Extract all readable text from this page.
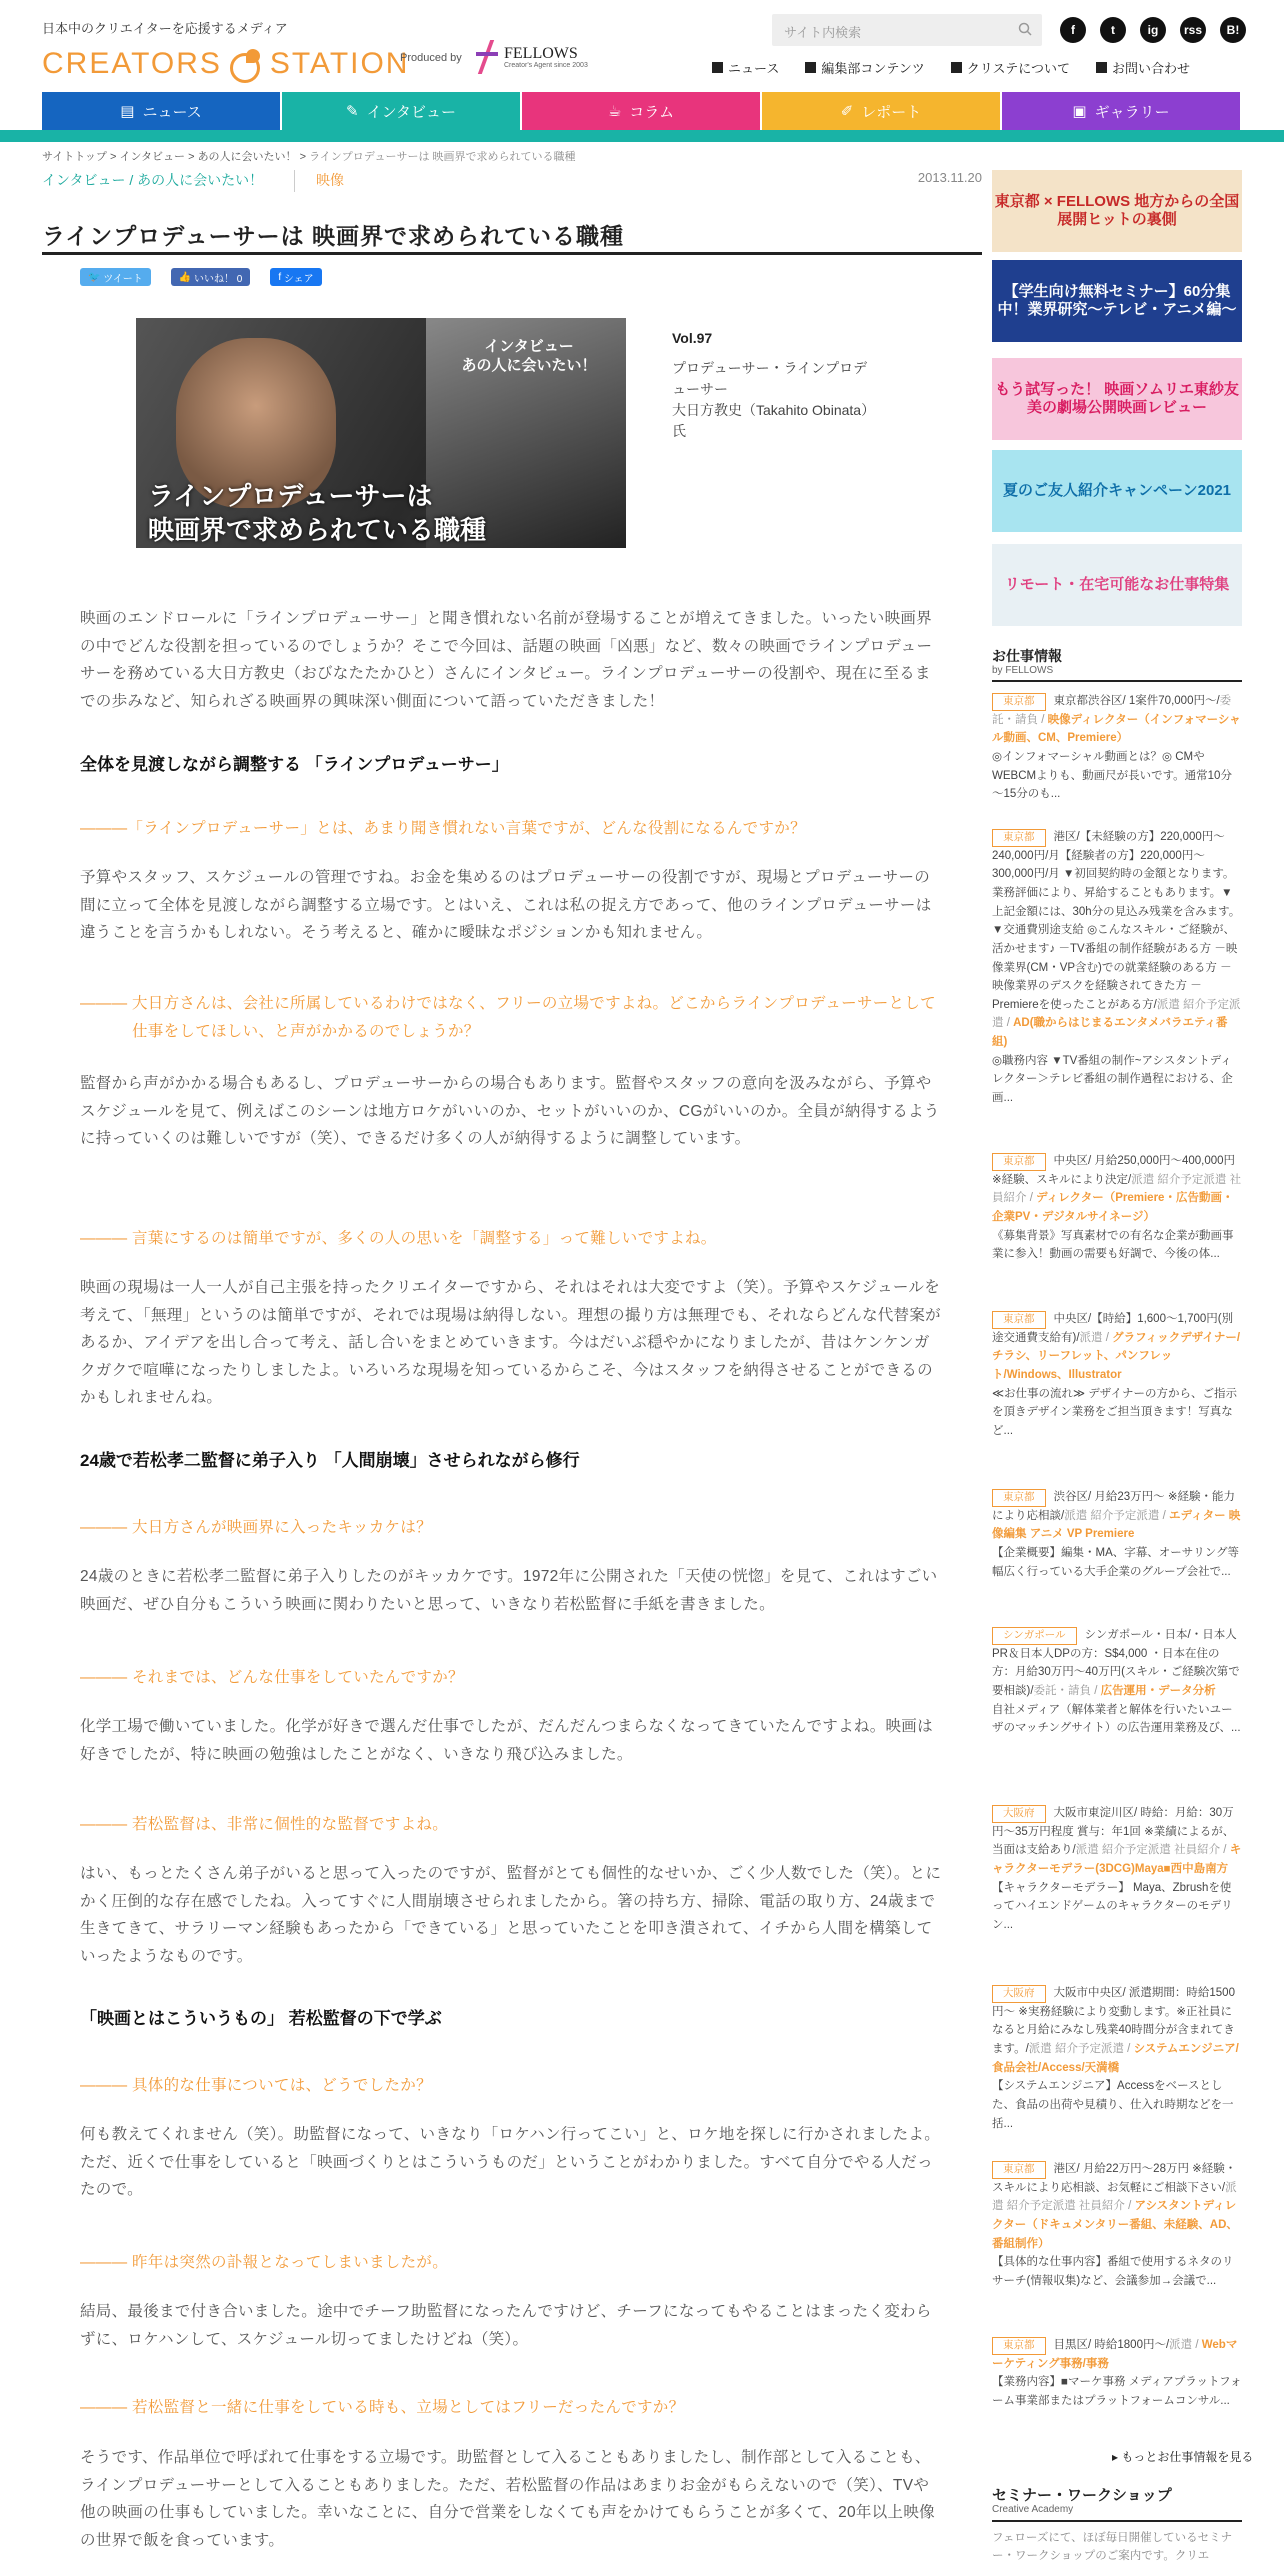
日本中のクリエイターを応援するメディア
CREATORS STATION
Produced by	FELLOWS
Creator's Agent since 2003
サイト内検索	f	t	ig	rss	B!
ニュース	編集部コンテンツ	クリステについて	お問い合わせ
▤ ニュース	✎ インタビュー	☕ コラム	✐ レポート	▣ ギャラリー
サイトトップ > インタビュー > あの人に会いたい！ > ラインプロデューサーは 映画界で求められている職種
インタビュー / あの人に会いたい！	映像	2013.11.20
ラインプロデューサーは 映画界で求められている職種
🐦 ツイート	👍 いいね！ 0	f シェア
インタビュー
あの人に会いたい！
ラインプロデューサーは
映画界で求められている職種
Vol.97
プロデューサー・ラインプロデューサー
大日方教史（Takahito Obinata）氏

映画のエンドロールに「ラインプロデューサー」と聞き慣れない名前が登場することが増えてきました。いったい映画界の中でどんな役割を担っているのでしょうか？そこで今回は、話題の映画「凶悪」など、数々の映画でラインプロデューサーを務めている大日方教史（おびなたたかひと）さんにインタビュー。ラインプロデューサーの役割や、現在に至るまでの歩みなど、知られざる映画界の興味深い側面について語っていただきました！

全体を見渡しながら調整する 「ラインプロデューサー」

―――「ラインプロデューサー」とは、あまり聞き慣れない言葉ですが、どんな役割になるんですか？

予算やスタッフ、スケジュールの管理ですね。お金を集めるのはプロデューサーの役割ですが、現場とプロデューサーの間に立って全体を見渡しながら調整する立場です。とはいえ、これは私の捉え方であって、他のラインプロデューサーは違うことを言うかもしれない。そう考えると、確かに曖昧なポジションかも知れません。

――― 大日方さんは、会社に所属しているわけではなく、フリーの立場ですよね。どこからラインプロデューサーとして仕事をしてほしい、と声がかかるのでしょうか？

監督から声がかかる場合もあるし、プロデューサーからの場合もあります。監督やスタッフの意向を汲みながら、予算やスケジュールを見て、例えばこのシーンは地方ロケがいいのか、セットがいいのか、CGがいいのか。全員が納得するように持っていくのは難しいですが（笑）、できるだけ多くの人が納得するように調整しています。

――― 言葉にするのは簡単ですが、多くの人の思いを「調整する」って難しいですよね。

映画の現場は一人一人が自己主張を持ったクリエイターですから、それはそれは大変ですよ（笑）。予算やスケジュールを考えて、「無理」というのは簡単ですが、それでは現場は納得しない。理想の撮り方は無理でも、それならどんな代替案があるか、アイデアを出し合って考え、話し合いをまとめていきます。今はだいぶ穏やかになりましたが、昔はケンケンガクガクで喧嘩になったりしましたよ。いろいろな現場を知っているからこそ、今はスタッフを納得させることができるのかもしれませんね。

24歳で若松孝二監督に弟子入り 「人間崩壊」させられながら修行

――― 大日方さんが映画界に入ったキッカケは？

24歳のときに若松孝二監督に弟子入りしたのがキッカケです。1972年に公開された「天使の恍惚」を見て、これはすごい映画だ、ぜひ自分もこういう映画に関わりたいと思って、いきなり若松監督に手紙を書きました。

――― それまでは、どんな仕事をしていたんですか？

化学工場で働いていました。化学が好きで選んだ仕事でしたが、だんだんつまらなくなってきていたんですよね。映画は好きでしたが、特に映画の勉強はしたことがなく、いきなり飛び込みました。

――― 若松監督は、非常に個性的な監督ですよね。

はい、もっとたくさん弟子がいると思って入ったのですが、監督がとても個性的なせいか、ごく少人数でした（笑）。とにかく圧倒的な存在感でしたね。入ってすぐに人間崩壊させられましたから。箸の持ち方、掃除、電話の取り方、24歳まで生きてきて、サラリーマン経験もあったから「できている」と思っていたことを叩き潰されて、イチから人間を構築していったようなものです。

「映画とはこういうもの」 若松監督の下で学ぶ

――― 具体的な仕事については、どうでしたか？

何も教えてくれません（笑）。助監督になって、いきなり「ロケハン行ってこい」と、ロケ地を探しに行かされましたよ。ただ、近くで仕事をしていると「映画づくりとはこういうものだ」ということがわかりました。すべて自分でやる人だったので。

――― 昨年は突然の訃報となってしまいましたが。

結局、最後まで付き合いました。途中でチーフ助監督になったんですけど、チーフになってもやることはまったく変わらずに、ロケハンして、スケジュール切ってましたけどね（笑）。

――― 若松監督と一緒に仕事をしている時も、立場としてはフリーだったんですか？

そうです、作品単位で呼ばれて仕事をする立場です。助監督として入ることもありましたし、制作部として入ることも、ラインプロデューサーとして入ることもありました。ただ、若松監督の作品はあまりお金がもらえないので（笑）、TVや他の映画の仕事もしていました。幸いなことに、自分で営業をしなくても声をかけてもらうことが多くて、20年以上映像の世界で飯を食っています。

東京都 × FELLOWS 地方からの全国展開ヒットの裏側
【学生向け無料セミナー】60分集中！業界研究～テレビ・アニメ編～
もう試写った！ 映画ソムリエ東紗友美の劇場公開映画レビュー
夏のご友人紹介キャンペーン2021
リモート・在宅可能なお仕事特集
お仕事情報
by FELLOWS
東京都 東京都渋谷区/ 1案件70,000円～/委託・請負 / 映像ディレクター（インフォマーシャル動画、CM、Premiere）
◎インフォマーシャル動画とは？◎ CMやWEBCMよりも、動画尺が長いです。通常10分～15分のも...
東京都 港区/【未経験の方】220,000円～240,000円/月【経験者の方】220,000円～300,000円/月 ▼初回契約時の金額となります。業務評価により、昇給することもあります。▼上記金額には、30h分の見込み残業を含みます。▼交通費別途支給 ◎こんなスキル・ご経験が、活かせます♪ －TV番組の制作経験がある方 －映像業界(CM・VP含む)での就業経験のある方 －映像業界のデスクを経験されてきた方 －Premiereを使ったことがある方/派遣 紹介予定派遣 / AD(職からはじまるエンタメバラエティ番組)
◎職務内容 ▼TV番組の制作~アシスタントディレクター＞テレビ番組の制作過程における、企画...
東京都 中央区/ 月給250,000円～400,000円 ※経験、スキルにより決定/派遣 紹介予定派遣 社員紹介 / ディレクター（Premiere・広告動画・企業PV・デジタルサイネージ）
《募集背景》写真素材での有名な企業が動画事業に参入！動画の需要も好調で、今後の体...
東京都 中央区/【時給】1,600～1,700円(別途交通費支給有)/派遣 / グラフィックデザイナー/チラシ、リーフレット、パンフレット/Windows、Illustrator
≪お仕事の流れ≫ デザイナーの方から、ご指示を頂きデザイン業務をご担当頂きます！写真など...
東京都 渋谷区/ 月給23万円～ ※経験・能力により応相談/派遣 紹介予定派遣 / エディター 映像編集 アニメ VP Premiere
【企業概要】編集・MA、字幕、オーサリング等幅広く行っている大手企業のグループ会社で...
シンガポール シンガポール・日本/・日本人PR＆日本人DPの方：S$4,000 ・日本在住の方：月給30万円～40万円(スキル・ご経験次第で要相談)/委託・請負 / 広告運用・データ分析
自社メディア（解体業者と解体を行いたいユーザのマッチングサイト）の広告運用業務及び、...
大阪府 大阪市東淀川区/ 時給：月給：30万円～35万円程度 賞与：年1回 ※業績によるが、当面は支給あり/派遣 紹介予定派遣 社員紹介 / キャラクターモデラー(3DCG)Maya■西中島南方
【キャラクターモデラー】 Maya、Zbrushを使ってハイエンドゲームのキャラクターのモデリン...
大阪府 大阪市中央区/ 派遣期間：時給1500円～ ※実務経験により変動します。※正社員になると月給にみなし残業40時間分が含まれてきます。/派遣 紹介予定派遣 / システムエンジニア/食品会社/Access/天満橋
【システムエンジニア】Accessをベースとした、食品の出荷や見積り、仕入れ時期などを一括...
東京都 港区/ 月給22万円～28万円 ※経験・スキルにより応相談、お気軽にご相談下さい/派遣 紹介予定派遣 社員紹介 / アシスタントディレクター（ドキュメンタリー番組、未経験、AD、番組制作）
【具体的な仕事内容】番組で使用するネタのリサーチ(情報収集)など、会議参加→会議で...
東京都 目黒区/ 時給1800円～/派遣 / Webマーケティング事務/事務
【業務内容】■マーケ事務 メディアプラットフォーム事業部またはプラットフォームコンサル...
▸ もっとお仕事情報を見る
セミナー・ワークショップ
Creative Academy
フェローズにて、ほぼ毎日開催しているセミナー・ワークショップのご案内です。クリエ
